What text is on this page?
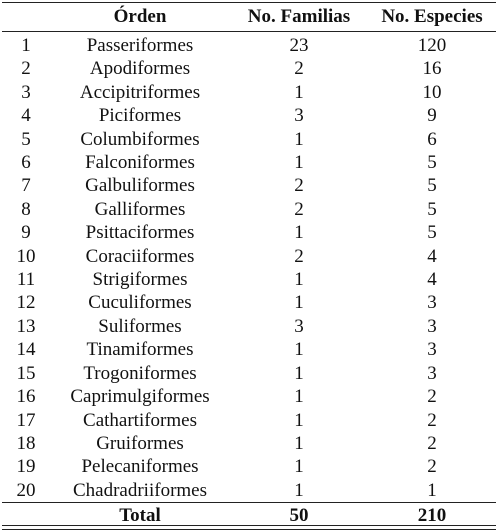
	Órden	No. Familias	No. Especies
1	Passeriformes	23	120
2	Apodiformes	2	16
3	Accipitriformes	1	10
4	Piciformes	3	9
5	Columbiformes	1	6
6	Falconiformes	1	5
7	Galbuliformes	2	5
8	Galliformes	2	5
9	Psittaciformes	1	5
10	Coraciiformes	2	4
11	Strigiformes	1	4
12	Cuculiformes	1	3
13	Suliformes	3	3
14	Tinamiformes	1	3
15	Trogoniformes	1	3
16	Caprimulgiformes	1	2
17	Cathartiformes	1	2
18	Gruiformes	1	2
19	Pelecaniformes	1	2
20	Chadradriiformes	1	1
	Total	50	210
